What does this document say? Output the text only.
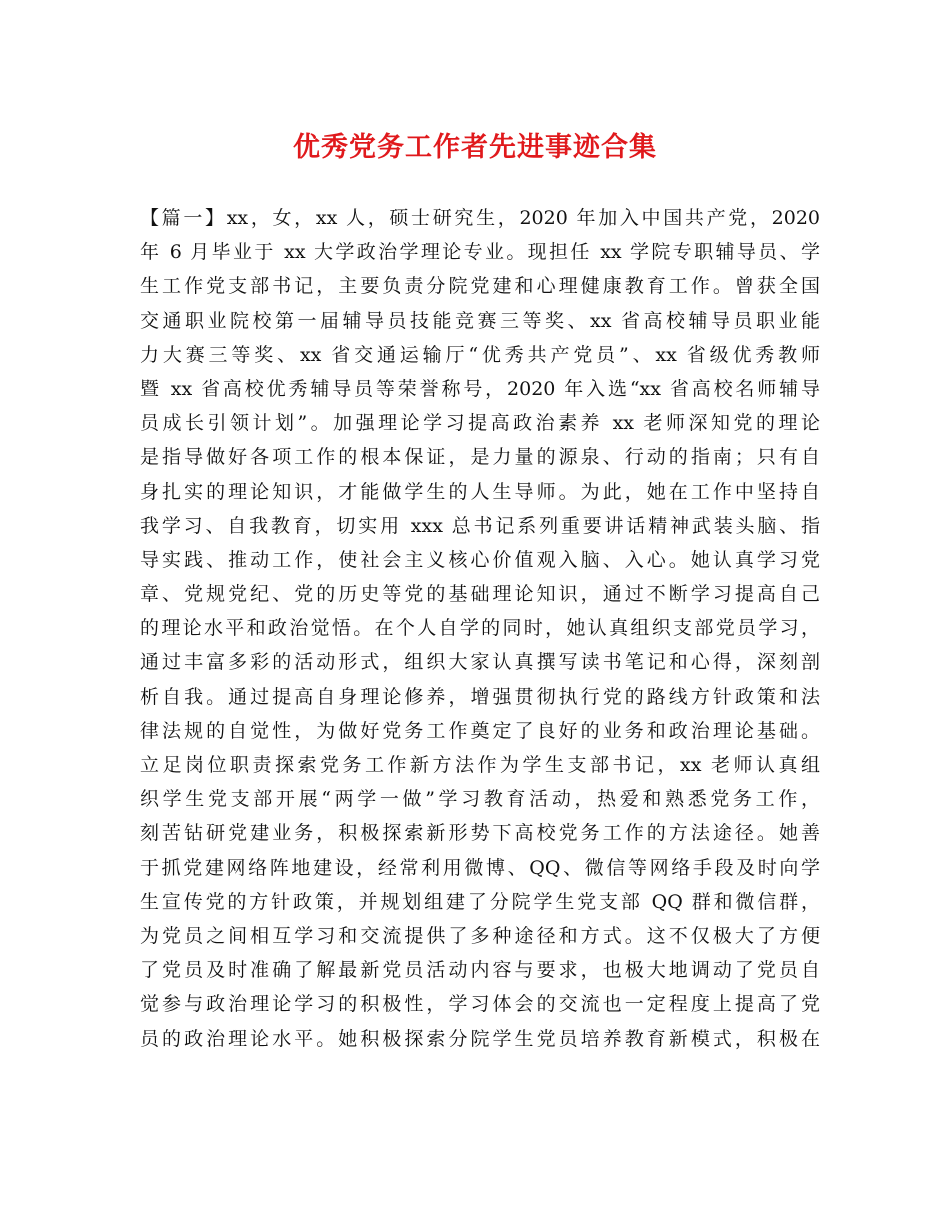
优秀党务工作者先进事迹合集
【篇一】xx，女，xx 人，硕士研究生，2020 年加入中国共产党，2020
年 6 月毕业于 xx 大学政治学理论专业。现担任 xx 学院专职辅导员、学
生工作党支部书记，主要负责分院党建和心理健康教育工作。曾获全国
交通职业院校第一届辅导员技能竞赛三等奖、xx 省高校辅导员职业能
力大赛三等奖、xx 省交通运输厅“优秀共产党员”、xx 省级优秀教师
暨 xx 省高校优秀辅导员等荣誉称号，2020 年入选“xx 省高校名师辅导
员成长引领计划”。加强理论学习提高政治素养 xx 老师深知党的理论
是指导做好各项工作的根本保证，是力量的源泉、行动的指南；只有自
身扎实的理论知识，才能做学生的人生导师。为此，她在工作中坚持自
我学习、自我教育，切实用 xxx 总书记系列重要讲话精神武装头脑、指
导实践、推动工作，使社会主义核心价值观入脑、入心。她认真学习党
章、党规党纪、党的历史等党的基础理论知识，通过不断学习提高自己
的理论水平和政治觉悟。在个人自学的同时，她认真组织支部党员学习，
通过丰富多彩的活动形式，组织大家认真撰写读书笔记和心得，深刻剖
析自我。通过提高自身理论修养，增强贯彻执行党的路线方针政策和法
律法规的自觉性，为做好党务工作奠定了良好的业务和政治理论基础。
立足岗位职责探索党务工作新方法作为学生支部书记，xx 老师认真组
织学生党支部开展“两学一做”学习教育活动，热爱和熟悉党务工作，
刻苦钻研党建业务，积极探索新形势下高校党务工作的方法途径。她善
于抓党建网络阵地建设，经常利用微博、QQ、微信等网络手段及时向学
生宣传党的方针政策，并规划组建了分院学生党支部 QQ 群和微信群，
为党员之间相互学习和交流提供了多种途径和方式。这不仅极大了方便
了党员及时准确了解最新党员活动内容与要求，也极大地调动了党员自
觉参与政治理论学习的积极性，学习体会的交流也一定程度上提高了党
员的政治理论水平。她积极探索分院学生党员培养教育新模式，积极在
